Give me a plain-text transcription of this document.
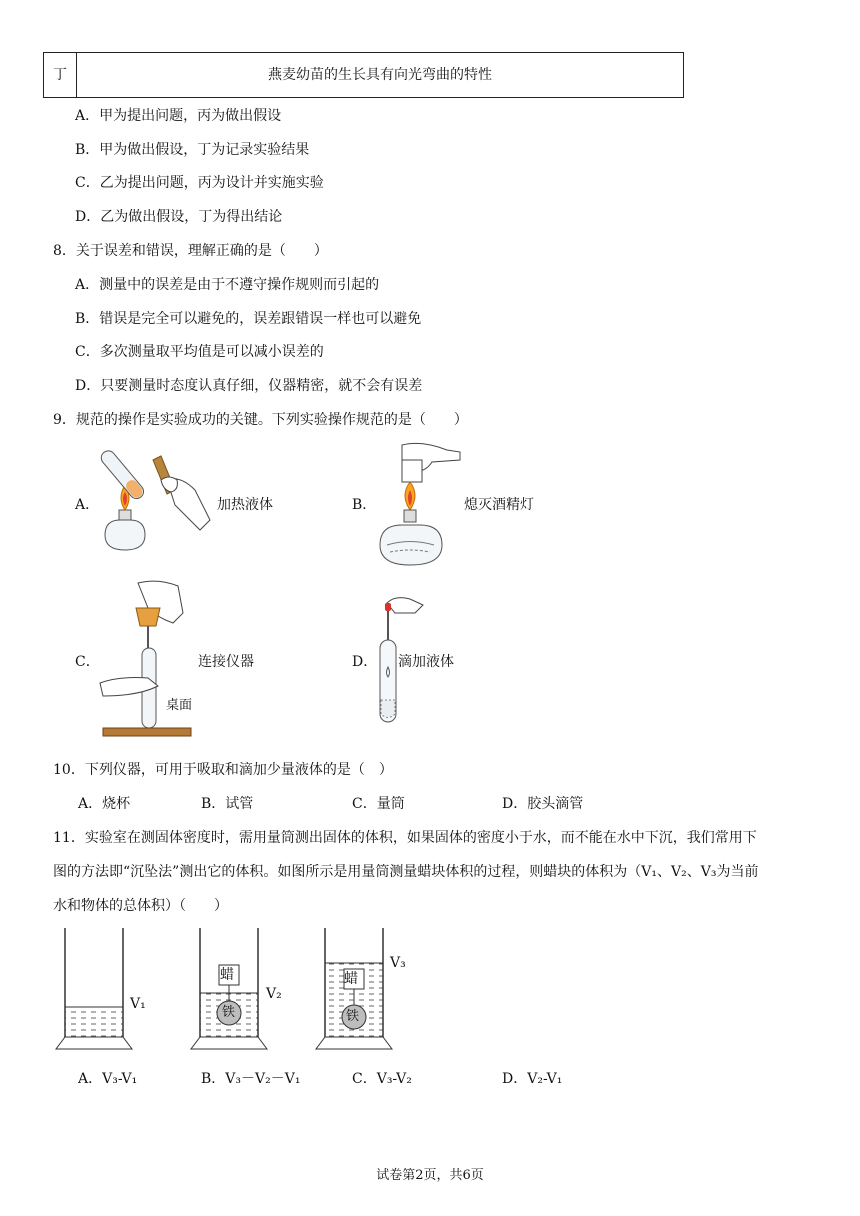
丁	燕麦幼苗的生长具有向光弯曲的特性
A．甲为提出问题，丙为做出假设
B．甲为做出假设，丁为记录实验结果
C．乙为提出问题，丙为设计并实施实验
D．乙为做出假设，丁为得出结论
8．关于误差和错误，理解正确的是（　　）
A．测量中的误差是由于不遵守操作规则而引起的
B．错误是完全可以避免的，误差跟错误一样也可以避免
C．多次测量取平均值是可以减小误差的
D．只要测量时态度认真仔细，仪器精密，就不会有误差
9．规范的操作是实验成功的关键。下列实验操作规范的是（　　）
A．	加热液体	B．	熄灭酒精灯
C．	连接仪器	D． 滴加液体
桌面
10．下列仪器，可用于吸取和滴加少量液体的是（　）
A．烧杯	B．试管	C．量筒	D．胶头滴管
11．实验室在测固体密度时，需用量筒测出固体的体积，如果固体的密度小于水，而不能在水中下沉，我们常用下
图的方法即“沉坠法”测出它的体积。如图所示是用量筒测量蜡块体积的过程，则蜡块的体积为（V₁、V₂、V₃为当前
水和物体的总体积）（　　）
V₁
蜡
铁
V₂
蜡
铁
V₃
A．V₃-V₁	B．V₃－V₂－V₁	C．V₃-V₂	D．V₂-V₁
试卷第2页，共6页
